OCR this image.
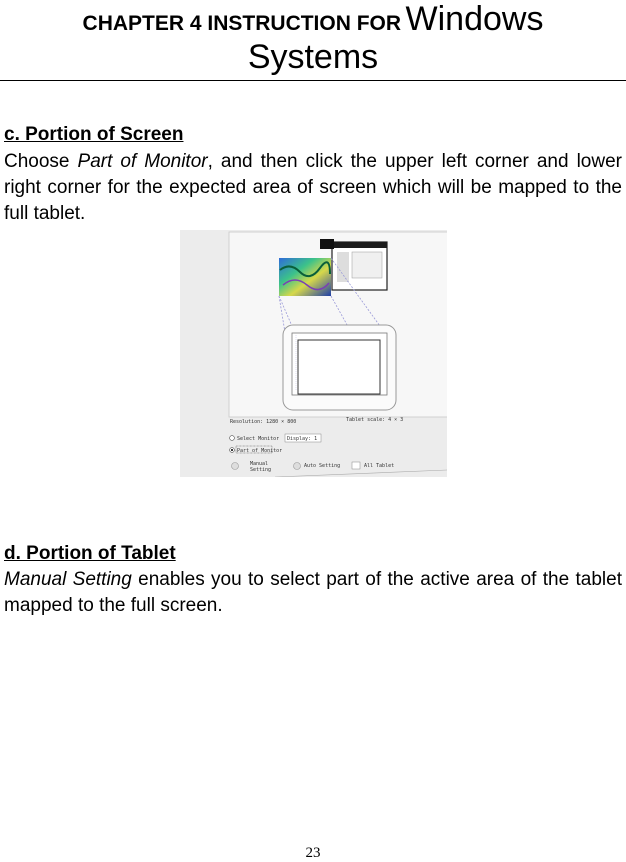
CHAPTER 4 INSTRUCTION FOR Windows
Systems
c. Portion of Screen
Choose Part of Monitor, and then click the upper left corner and lower right corner for the expected area of screen which will be mapped to the full tablet.
Resolution: 1280 × 800	Tablet scale: 4 × 3
Select Monitor Display: 1
Part of Monitor
Manual
Setting
Auto Setting	All Tablet
d. Portion of Tablet
Manual Setting enables you to select part of the active area of the tablet mapped to the full screen.
23
